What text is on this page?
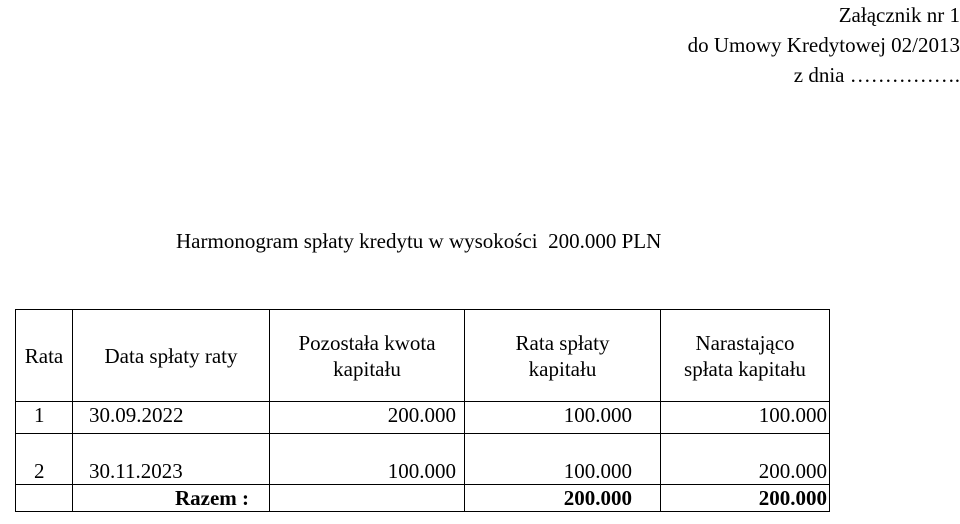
Załącznik nr 1
do Umowy Kredytowej 02/2013
z dnia …………….
Harmonogram spłaty kredytu w wysokości  200.000 PLN
Rata	Data spłaty raty	Pozostała kwota kapitału	Rata spłaty kapitału	Narastająco spłata kapitału
1	30.09.2022	200.000	100.000	100.000

2	30.11.2023	100.000	100.000	200.000
	Razem :		200.000	200.000
